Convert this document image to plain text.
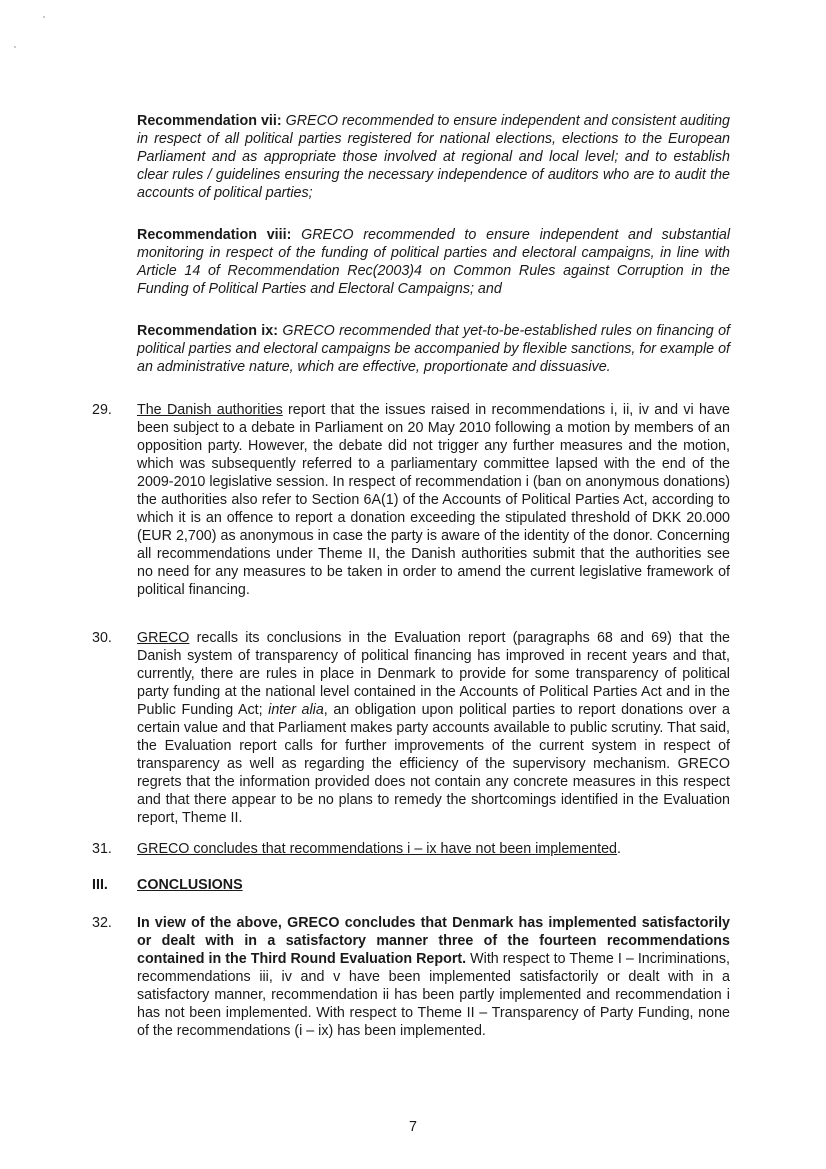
Recommendation vii: GRECO recommended to ensure independent and consistent auditing in respect of all political parties registered for national elections, elections to the European Parliament and as appropriate those involved at regional and local level; and to establish clear rules / guidelines ensuring the necessary independence of auditors who are to audit the accounts of political parties;

Recommendation viii: GRECO recommended to ensure independent and substantial monitoring in respect of the funding of political parties and electoral campaigns, in line with Article 14 of Recommendation Rec(2003)4 on Common Rules against Corruption in the Funding of Political Parties and Electoral Campaigns; and

Recommendation ix: GRECO recommended that yet-to-be-established rules on financing of political parties and electoral campaigns be accompanied by flexible sanctions, for example of an administrative nature, which are effective, proportionate and dissuasive.

29.	The Danish authorities report that the issues raised in recommendations i, ii, iv and vi have been subject to a debate in Parliament on 20 May 2010 following a motion by members of an opposition party. However, the debate did not trigger any further measures and the motion, which was subsequently referred to a parliamentary committee lapsed with the end of the 2009-2010 legislative session. In respect of recommendation i (ban on anonymous donations) the authorities also refer to Section 6A(1) of the Accounts of Political Parties Act, according to which it is an offence to report a donation exceeding the stipulated threshold of DKK 20.000 (EUR 2,700) as anonymous in case the party is aware of the identity of the donor. Concerning all recommendations under Theme II, the Danish authorities submit that the authorities see no need for any measures to be taken in order to amend the current legislative framework of political financing.
30.	GRECO recalls its conclusions in the Evaluation report (paragraphs 68 and 69) that the Danish system of transparency of political financing has improved in recent years and that, currently, there are rules in place in Denmark to provide for some transparency of political party funding at the national level contained in the Accounts of Political Parties Act and in the Public Funding Act; inter alia, an obligation upon political parties to report donations over a certain value and that Parliament makes party accounts available to public scrutiny. That said, the Evaluation report calls for further improvements of the current system in respect of transparency as well as regarding the efficiency of the supervisory mechanism. GRECO regrets that the information provided does not contain any concrete measures in this respect and that there appear to be no plans to remedy the shortcomings identified in the Evaluation report, Theme II.
31.	GRECO concludes that recommendations i – ix have not been implemented.
III. CONCLUSIONS
32.	In view of the above, GRECO concludes that Denmark has implemented satisfactorily or dealt with in a satisfactory manner three of the fourteen recommendations contained in the Third Round Evaluation Report. With respect to Theme I – Incriminations, recommendations iii, iv and v have been implemented satisfactorily or dealt with in a satisfactory manner, recommendation ii has been partly implemented and recommendation i has not been implemented. With respect to Theme II – Transparency of Party Funding, none of the recommendations (i – ix) has been implemented.
7
